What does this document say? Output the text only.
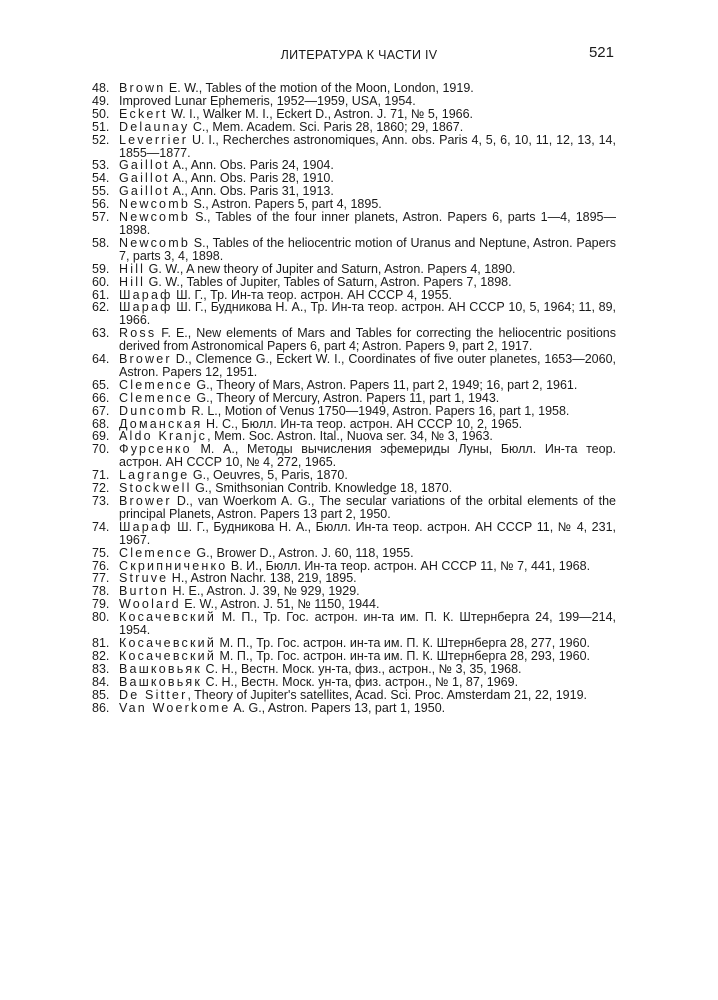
ЛИТЕРАТУРА К ЧАСТИ IV	521
48. Brown E. W., Tables of the motion of the Moon, London, 1919.
49. Improved Lunar Ephemeris, 1952—1959, USA, 1954.
50. Eckert W. I., Walker M. I., Eckert D., Astron. J. 71, № 5, 1966.
51. Delaunay C., Mem. Academ. Sci. Paris 28, 1860; 29, 1867.
52. Leverrier U. I., Recherches astronomiques, Ann. obs. Paris 4, 5, 6, 10, 11, 12, 13, 14, 1855—1877.
53. Gaillot A., Ann. Obs. Paris 24, 1904.
54. Gaillot A., Ann. Obs. Paris 28, 1910.
55. Gaillot A., Ann. Obs. Paris 31, 1913.
56. Newcomb S., Astron. Papers 5, part 4, 1895.
57. Newcomb S., Tables of the four inner planets, Astron. Papers 6, parts 1—4, 1895—1898.
58. Newcomb S., Tables of the heliocentric motion of Uranus and Neptune, Astron. Papers 7, parts 3, 4, 1898.
59. Hill G. W., A new theory of Jupiter and Saturn, Astron. Papers 4, 1890.
60. Hill G. W., Tables of Jupiter, Tables of Saturn, Astron. Papers 7, 1898.
61. Шараф Ш. Г., Тр. Ин-та теор. астрон. АН СССР 4, 1955.
62. Шараф Ш. Г., Будникова Н. А., Тр. Ин-та теор. астрон. АН СССР 10, 5, 1964; 11, 89, 1966.
63. Ross F. E., New elements of Mars and Tables for correcting the heliocentric positions derived from Astronomical Papers 6, part 4; Astron. Papers 9, part 2, 1917.
64. Brower D., Clemence G., Eckert W. I., Coordinates of five outer planetes, 1653—2060, Astron. Papers 12, 1951.
65. Clemence G., Theory of Mars, Astron. Papers 11, part 2, 1949; 16, part 2, 1961.
66. Clemence G., Theory of Mercury, Astron. Papers 11, part 1, 1943.
67. Duncomb R. L., Motion of Venus 1750—1949, Astron. Papers 16, part 1, 1958.
68. Доманская Н. С., Бюлл. Ин-та теор. астрон. АН СССР 10, 2, 1965.
69. Aldo Kranjc, Mem. Soc. Astron. Ital., Nuova ser. 34, № 3, 1963.
70. Фурсенко М. А., Методы вычисления эфемериды Луны, Бюлл. Ин-та теор. астрон. АН СССР 10, № 4, 272, 1965.
71. Lagrange G., Oeuvres, 5, Paris, 1870.
72. Stockwell G., Smithsonian Contrib. Knowledge 18, 1870.
73. Brower D., van Woerkom A. G., The secular variations of the orbital elements of the principal Planets, Astron. Papers 13 part 2, 1950.
74. Шараф Ш. Г., Будникова Н. А., Бюлл. Ин-та теор. астрон. АН СССР 11, № 4, 231, 1967.
75. Clemence G., Brower D., Astron. J. 60, 118, 1955.
76. Скрипниченко В. И., Бюлл. Ин-та теор. астрон. АН СССР 11, № 7, 441, 1968.
77. Struve H., Astron Nachr. 138, 219, 1895.
78. Burton H. E., Astron. J. 39, № 929, 1929.
79. Woolard E. W., Astron. J. 51, № 1150, 1944.
80. Косачевский М. П., Тр. Гос. астрон. ин-та им. П. К. Штернберга 24, 199—214, 1954.
81. Косачевский М. П., Тр. Гос. астрон. ин-та им. П. К. Штернберга 28, 277, 1960.
82. Косачевский М. П., Тр. Гос. астрон. ин-та им. П. К. Штернберга 28, 293, 1960.
83. Вашковьяк С. Н., Вестн. Моск. ун-та, физ., астрон., № 3, 35, 1968.
84. Вашковьяк С. Н., Вестн. Моск. ун-та, физ. астрон., № 1, 87, 1969.
85. De Sitter, Theory of Jupiter's satellites, Acad. Sci. Proc. Amsterdam 21, 22, 1919.
86. Van Woerkome A. G., Astron. Papers 13, part 1, 1950.
